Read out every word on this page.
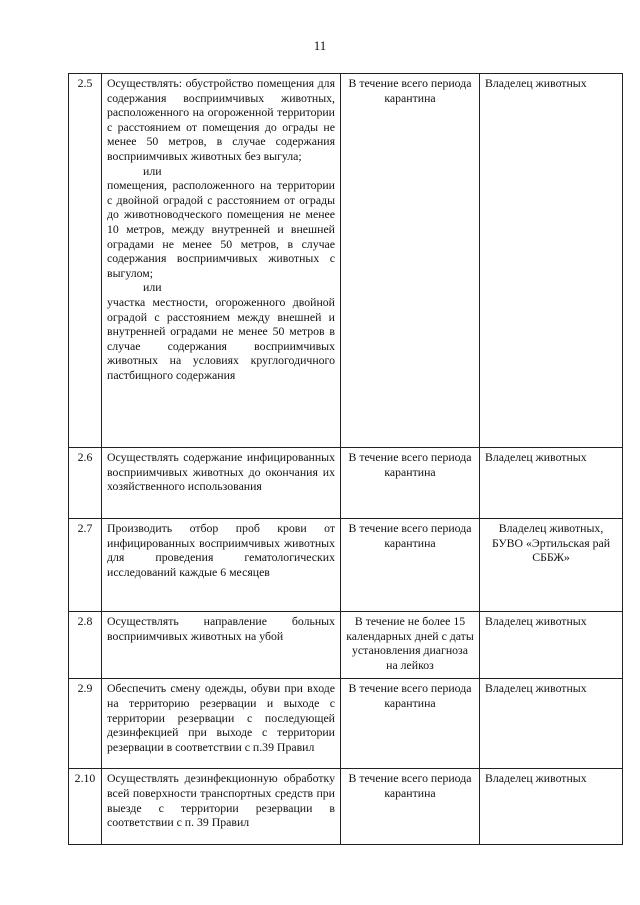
11
2.5	Осуществлять: обустройство помещения для содержания восприимчивых животных, расположенного на огороженной территории с расстоянием от помещения до ограды не менее 50 метров, в случае содержания восприимчивых животных без выгула;

или

помещения, расположенного на территории с двойной оградой с расстоянием от ограды до животноводческого помещения не менее 10 метров, между внутренней и внешней оградами не менее 50 метров, в случае содержания восприимчивых животных с выгулом;

или

участка местности, огороженного двойной оградой с расстоянием между внешней и внутренней оградами не менее 50 метров в случае содержания восприимчивых животных на условиях круглогодичного пастбищного содержания	В течение всего периода карантина	Владелец животных
2.6	Осуществлять содержание инфицированных восприимчивых животных до окончания их хозяйственного использования	В течение всего периода карантина	Владелец животных
2.7	Производить отбор проб крови от инфицированных восприимчивых животных для проведения гематологических исследований каждые 6 месяцев	В течение всего периода карантина	Владелец животных, БУВО «Эртильская рай СББЖ»
2.8	Осуществлять направление больных восприимчивых животных на убой	В течение не более 15 календарных дней с даты установления диагноза на лейкоз	Владелец животных
2.9	Обеспечить смену одежды, обуви при входе на территорию резервации и выходе с территории резервации с последующей дезинфекцией при выходе с территории резервации в соответствии с п.39 Правил	В течение всего периода карантина	Владелец животных
2.10	Осуществлять дезинфекционную обработку всей поверхности транспортных средств при выезде с территории резервации в соответствии с п. 39 Правил	В течение всего периода карантина	Владелец животных
